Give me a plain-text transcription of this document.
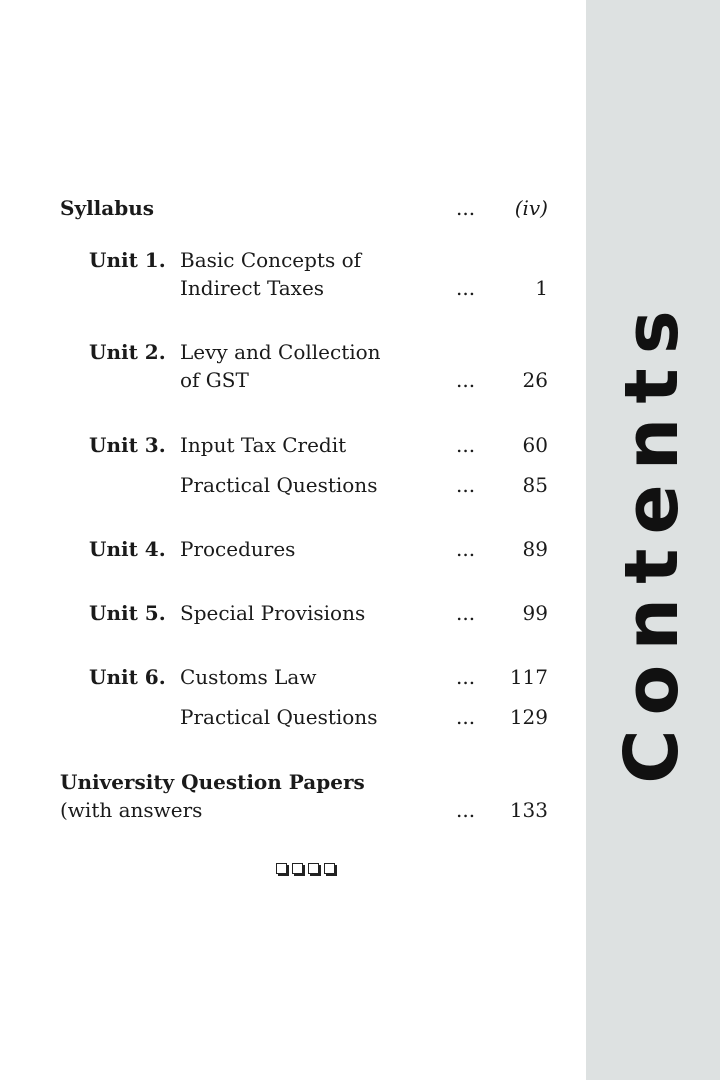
Contents
Syllabus	... (iv)
Unit 1. Basic Concepts of
Indirect Taxes	...	1
Unit 2. Levy and Collection
of GST	... 26
Unit 3. Input Tax Credit	... 60
Practical Questions	... 85
Unit 4. Procedures	... 89
Unit 5. Special Provisions	... 99
Unit 6. Customs Law	... 117
Practical Questions	... 129
University Question Papers
(with answers	... 133
